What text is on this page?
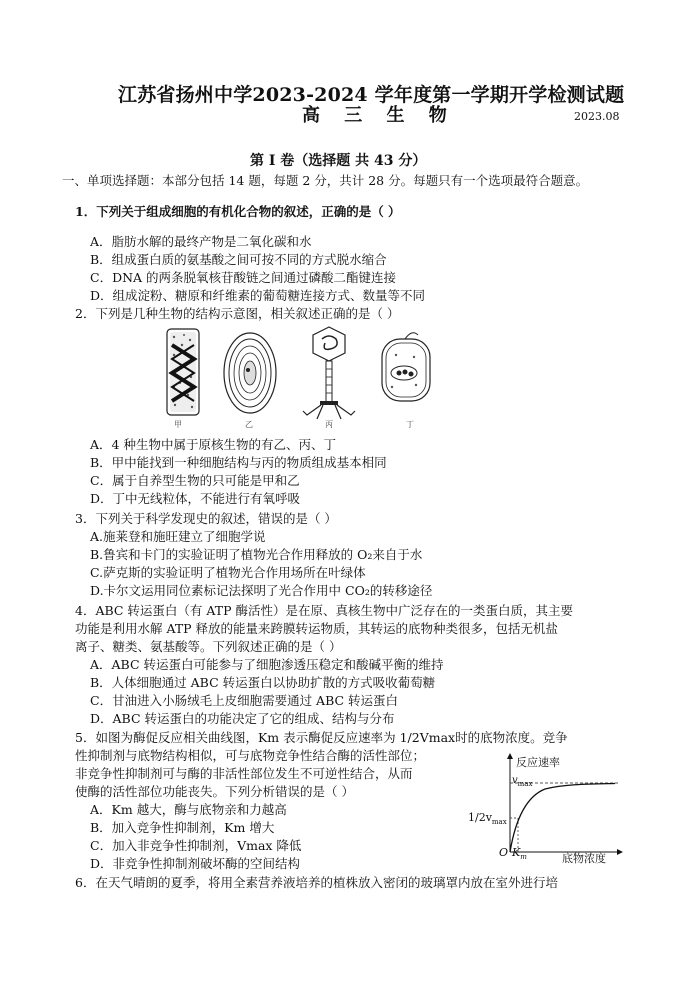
江苏省扬州中学2023-2024 学年度第一学期开学检测试题
高 三 生 物	2023.08
第 I 卷（选择题 共 43 分）
一、单项选择题：本部分包括 14 题，每题 2 分，共计 28 分。每题只有一个选项最符合题意。
1．下列关于组成细胞的有机化合物的叙述，正确的是（ ）
A．脂肪水解的最终产物是二氧化碳和水
B．组成蛋白质的氨基酸之间可按不同的方式脱水缩合
C．DNA 的两条脱氧核苷酸链之间通过磷酸二酯键连接
D．组成淀粉、糖原和纤维素的葡萄糖连接方式、数量等不同
2．下列是几种生物的结构示意图，相关叙述正确的是（ ）
甲	乙	丙	丁
A．4 种生物中属于原核生物的有乙、丙、丁
B．甲中能找到一种细胞结构与丙的物质组成基本相同
C．属于自养型生物的只可能是甲和乙
D．丁中无线粒体，不能进行有氧呼吸
3．下列关于科学发现史的叙述，错误的是（ ）
A.施莱登和施旺建立了细胞学说
B.鲁宾和卡门的实验证明了植物光合作用释放的 O₂来自于水
C.萨克斯的实验证明了植物光合作用场所在叶绿体
D.卡尔文运用同位素标记法探明了光合作用中 CO₂的转移途径
4．ABC 转运蛋白（有 ATP 酶活性）是在原、真核生物中广泛存在的一类蛋白质，其主要
功能是利用水解 ATP 释放的能量来跨膜转运物质，其转运的底物种类很多，包括无机盐
离子、糖类、氨基酸等。下列叙述正确的是（ ）
A．ABC 转运蛋白可能参与了细胞渗透压稳定和酸碱平衡的维持
B．人体细胞通过 ABC 转运蛋白以协助扩散的方式吸收葡萄糖
C．甘油进入小肠绒毛上皮细胞需要通过 ABC 转运蛋白
D．ABC 转运蛋白的功能决定了它的组成、结构与分布
5．如图为酶促反应相关曲线图，Km 表示酶促反应速率为 1/2Vmax时的底物浓度。竞争
性抑制剂与底物结构相似，可与底物竞争性结合酶的活性部位；
非竞争性抑制剂可与酶的非活性部位发生不可逆性结合，从而
使酶的活性部位功能丧失。下列分析错误的是（ ）
A．Km 越大，酶与底物亲和力越高
B．加入竞争性抑制剂，Km 增大
C．加入非竞争性抑制剂，Vmax 降低
D．非竞争性抑制剂破坏酶的空间结构
反应速率
$v_{max}$
$1/2v_{max}$
O $K_m$	底物浓度
6．在天气晴朗的夏季，将用全素营养液培养的植株放入密闭的玻璃罩内放在室外进行培
